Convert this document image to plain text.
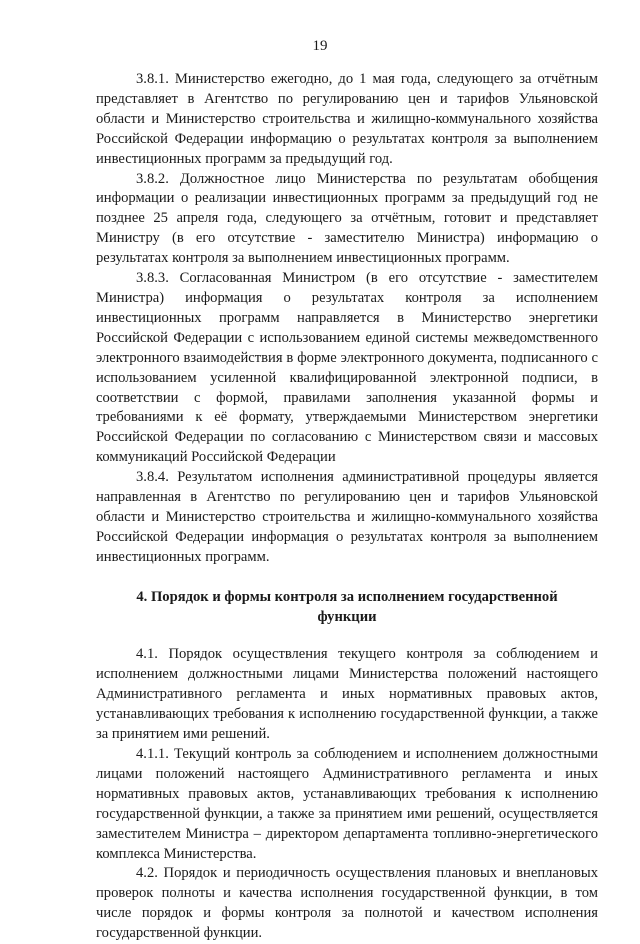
19

3.8.1. Министерство ежегодно, до 1 мая года, следующего за отчётным представляет в Агентство по регулированию цен и тарифов Ульяновской области и Министерство строительства и жилищно-коммунального хозяйства Российской Федерации информацию о результатах контроля за выполнением инвестиционных программ за предыдущий год.

3.8.2. Должностное лицо Министерства по результатам обобщения информации о реализации инвестиционных программ за предыдущий год не позднее 25 апреля года, следующего за отчётным, готовит и представляет Министру (в его отсутствие - заместителю Министра) информацию о результатах контроля за выполнением инвестиционных программ.

3.8.3. Согласованная Министром (в его отсутствие - заместителем Министра) информация о результатах контроля за исполнением инвестиционных программ направляется в Министерство энергетики Российской Федерации с использованием единой системы межведомственного электронного взаимодействия в форме электронного документа, подписанного с использованием усиленной квалифицированной электронной подписи, в соответствии с формой, правилами заполнения указанной формы и требованиями к её формату, утверждаемыми Министерством энергетики Российской Федерации по согласованию с Министерством связи и массовых коммуникаций Российской Федерации

3.8.4. Результатом исполнения административной процедуры является направленная в Агентство по регулированию цен и тарифов Ульяновской области и Министерство строительства и жилищно-коммунального хозяйства Российской Федерации информация о результатах контроля за выполнением инвестиционных программ.

4. Порядок и формы контроля за исполнением государственной функции

4.1. Порядок осуществления текущего контроля за соблюдением и исполнением должностными лицами Министерства положений настоящего Административного регламента и иных нормативных правовых актов, устанавливающих требования к исполнению государственной функции, а также за принятием ими решений.

4.1.1. Текущий контроль за соблюдением и исполнением должностными лицами положений настоящего Административного регламента и иных нормативных правовых актов, устанавливающих требования к исполнению государственной функции, а также за принятием ими решений, осуществляется заместителем Министра – директором департамента топливно-энергетического комплекса Министерства.

4.2. Порядок и периодичность осуществления плановых и внеплановых проверок полноты и качества исполнения государственной функции, в том числе порядок и формы контроля за полнотой и качеством исполнения государственной функции.
